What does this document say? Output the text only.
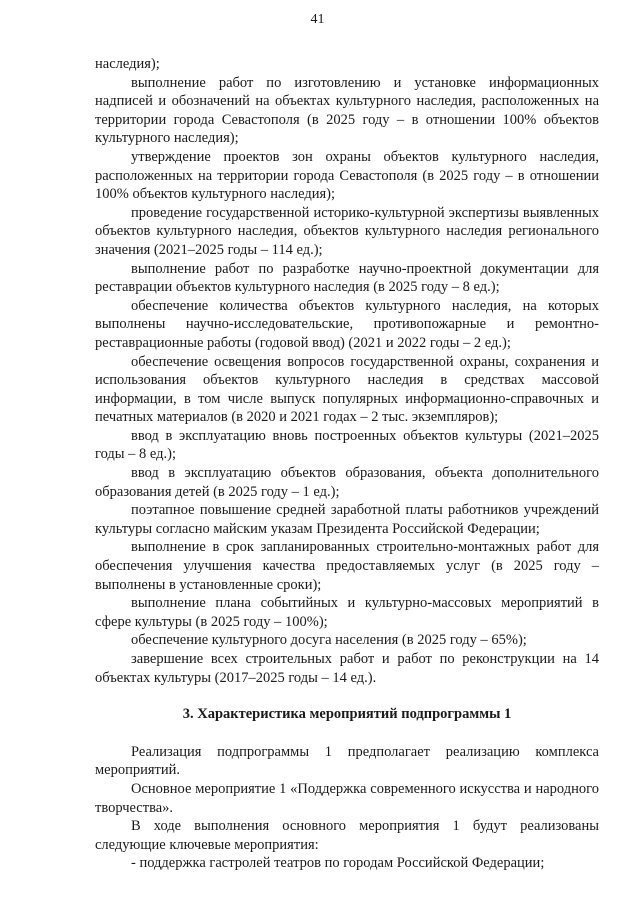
41

наследия);

выполнение работ по изготовлению и установке информационных надписей и обозначений на объектах культурного наследия, расположенных на территории города Севастополя (в 2025 году – в отношении 100% объектов культурного наследия);

утверждение проектов зон охраны объектов культурного наследия, расположенных на территории города Севастополя (в 2025 году – в отношении 100% объектов культурного наследия);

проведение государственной историко-культурной экспертизы выявленных объектов культурного наследия, объектов культурного наследия регионального значения (2021–2025 годы – 114 ед.);

выполнение работ по разработке научно-проектной документации для реставрации объектов культурного наследия (в 2025 году – 8 ед.);

обеспечение количества объектов культурного наследия, на которых выполнены научно-исследовательские, противопожарные и ремонтно-реставрационные работы (годовой ввод) (2021 и 2022 годы – 2 ед.);

обеспечение освещения вопросов государственной охраны, сохранения и использования объектов культурного наследия в средствах массовой информации, в том числе выпуск популярных информационно-справочных и печатных материалов (в 2020 и 2021 годах – 2 тыс. экземпляров);

ввод в эксплуатацию вновь построенных объектов культуры (2021–2025 годы – 8 ед.);

ввод в эксплуатацию объектов образования, объекта дополнительного образования детей (в 2025 году – 1 ед.);

поэтапное повышение средней заработной платы работников учреждений культуры согласно майским указам Президента Российской Федерации;

выполнение в срок запланированных строительно-монтажных работ для обеспечения улучшения качества предоставляемых услуг (в 2025 году – выполнены в установленные сроки);

выполнение плана событийных и культурно-массовых мероприятий в сфере культуры (в 2025 году – 100%);

обеспечение культурного досуга населения (в 2025 году – 65%);

завершение всех строительных работ и работ по реконструкции на 14 объектах культуры (2017–2025 годы – 14 ед.).

3. Характеристика мероприятий подпрограммы 1

Реализация подпрограммы 1 предполагает реализацию комплекса мероприятий.

Основное мероприятие 1 «Поддержка современного искусства и народного творчества».

В ходе выполнения основного мероприятия 1 будут реализованы следующие ключевые мероприятия:

- поддержка гастролей театров по городам Российской Федерации;
